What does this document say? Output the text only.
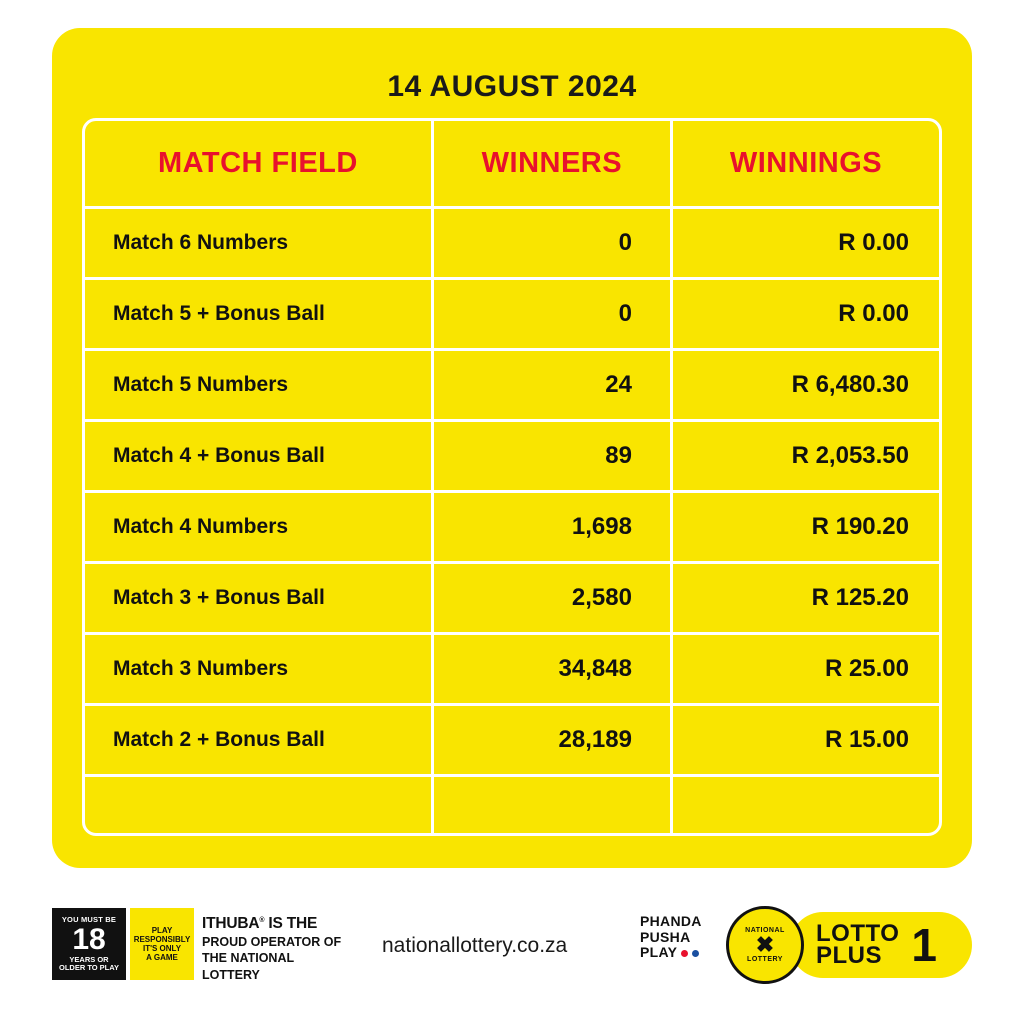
14 AUGUST 2024
MATCH FIELD	WINNERS	WINNINGS
Match 6 Numbers	0	R 0.00
Match 5 + Bonus Ball	0	R 0.00
Match 5 Numbers	24	R 6,480.30
Match 4 + Bonus Ball	89	R 2,053.50
Match 4 Numbers	1,698	R 190.20
Match 3 + Bonus Ball	2,580	R 125.20
Match 3 Numbers	34,848	R 25.00
Match 2 + Bonus Ball	28,189	R 15.00
YOU MUST BE
18
YEARS OR
OLDER TO PLAY
PLAY
RESPONSIBLY
IT'S ONLY
A GAME
ITHUBA® IS THE
PROUD OPERATOR OF
THE NATIONAL LOTTERY
nationallottery.co.za
PHANDA
PUSHA
PLAY
NATIONAL
✖
LOTTERY
LOTTO
PLUS 1
